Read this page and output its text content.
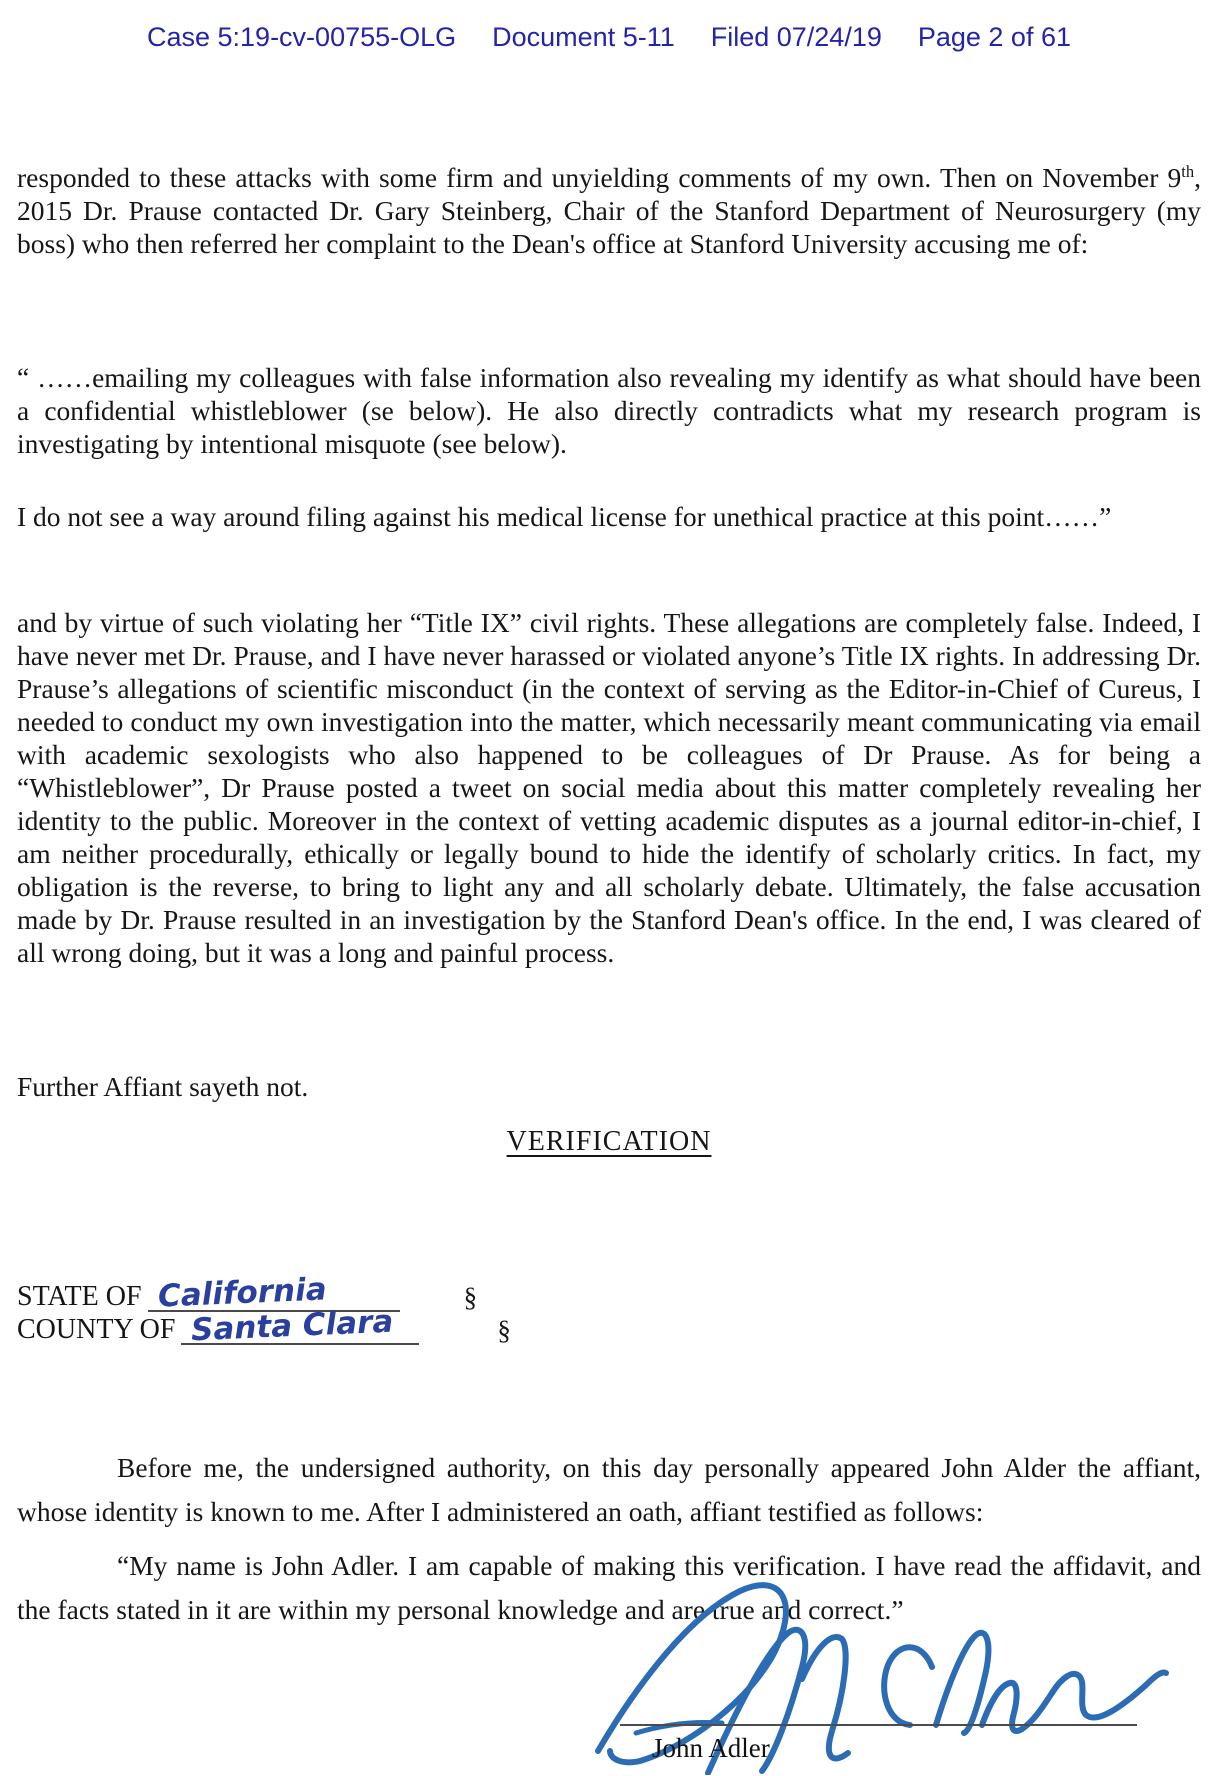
Case 5:19-cv-00755-OLG Document 5-11 Filed 07/24/19 Page 2 of 61

responded to these attacks with some firm and unyielding comments of my own. Then on November 9th, 2015 Dr. Prause contacted Dr. Gary Steinberg, Chair of the Stanford Department of Neurosurgery (my boss) who then referred her complaint to the Dean's office at Stanford University accusing me of:

“ ……emailing my colleagues with false information also revealing my identify as what should have been a confidential whistleblower (se below). He also directly contradicts what my research program is investigating by intentional misquote (see below).

I do not see a way around filing against his medical license for unethical practice at this point……”

and by virtue of such violating her “Title IX” civil rights. These allegations are completely false. Indeed, I have never met Dr. Prause, and I have never harassed or violated anyone’s Title IX rights. In addressing Dr. Prause’s allegations of scientific misconduct (in the context of serving as the Editor-in-Chief of Cureus, I needed to conduct my own investigation into the matter, which necessarily meant communicating via email with academic sexologists who also happened to be colleagues of Dr Prause. As for being a “Whistleblower”, Dr Prause posted a tweet on social media about this matter completely revealing her identity to the public. Moreover in the context of vetting academic disputes as a journal editor-in-chief, I am neither procedurally, ethically or legally bound to hide the identify of scholarly critics. In fact, my obligation is the reverse, to bring to light any and all scholarly debate. Ultimately, the false accusation made by Dr. Prause resulted in an investigation by the Stanford Dean's office. In the end, I was cleared of all wrong doing, but it was a long and painful process.

Further Affiant sayeth not.

VERIFICATION
STATE OF California	§
COUNTY OF Santa Clara	§

Before me, the undersigned authority, on this day personally appeared John Alder the affiant, whose identity is known to me. After I administered an oath, affiant testified as follows:

“My name is John Adler. I am capable of making this verification. I have read the affidavit, and the facts stated in it are within my personal knowledge and are true and correct.”

John Adler
